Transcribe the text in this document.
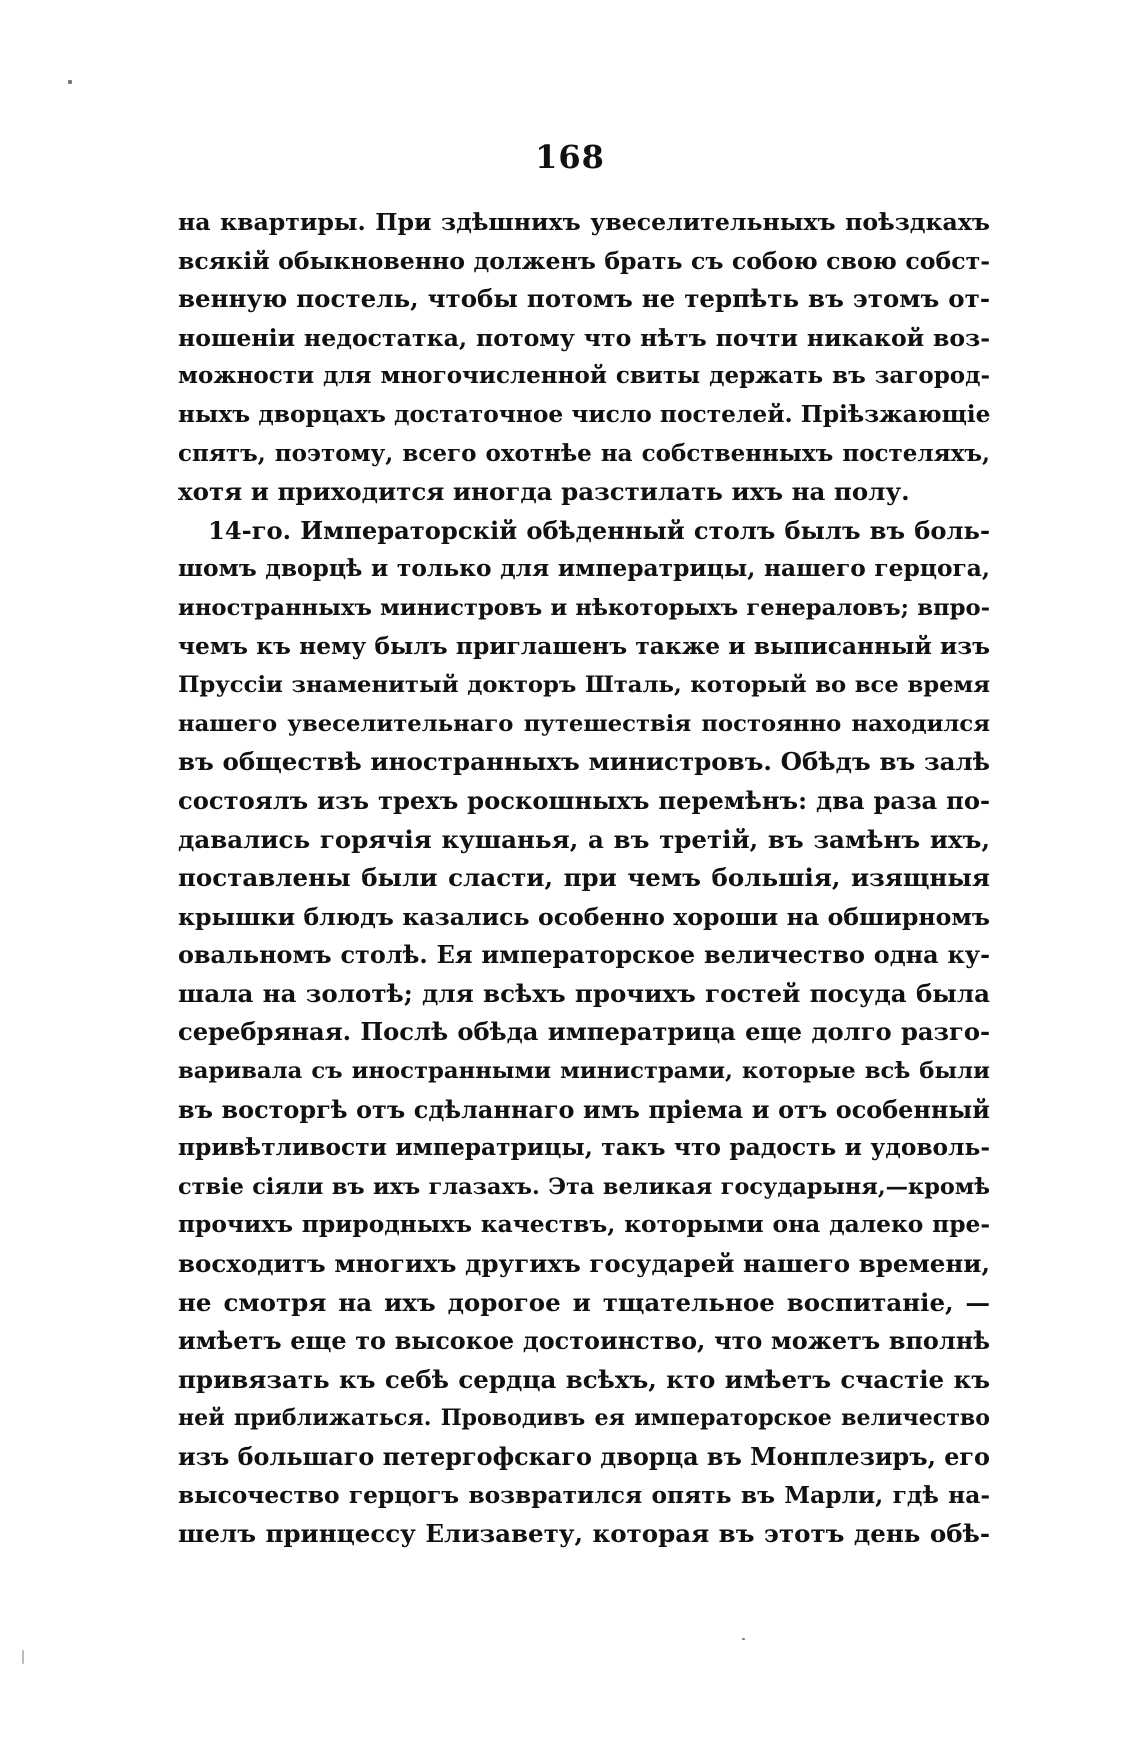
168
на квартиры. При здѣшнихъ увеселительныхъ поѣздкахъ
всякій обыкновенно долженъ брать съ собою свою собст-
венную постель, чтобы потомъ не терпѣть въ этомъ от-
ношеніи недостатка, потому что нѣтъ почти никакой воз-
можности для многочисленной свиты держать въ загород-
ныхъ дворцахъ достаточное число постелей. Пріѣзжающіе
спятъ, поэтому, всего охотнѣе на собственныхъ постеляхъ,
хотя и приходится иногда разстилать ихъ на полу.
14-го. Императорскій обѣденный столъ былъ въ боль-
шомъ дворцѣ и только для императрицы, нашего герцога,
иностранныхъ министровъ и нѣкоторыхъ генераловъ; впро-
чемъ къ нему былъ приглашенъ также и выписанный изъ
Пруссіи знаменитый докторъ Шталь, который во все время
нашего увеселительнаго путешествія постоянно находился
въ обществѣ иностранныхъ министровъ. Обѣдъ въ залѣ
состоялъ изъ трехъ роскошныхъ перемѣнъ: два раза по-
давались горячія кушанья, а въ третій, въ замѣнъ ихъ,
поставлены были сласти, при чемъ большія, изящныя
крышки блюдъ казались особенно хороши на обширномъ
овальномъ столѣ. Ея императорское величество одна ку-
шала на золотѣ; для всѣхъ прочихъ гостей посуда была
серебряная. Послѣ обѣда императрица еще долго разго-
варивала съ иностранными министрами, которые всѣ были
въ восторгѣ отъ сдѣланнаго имъ пріема и отъ особенный
привѣтливости императрицы, такъ что радость и удоволь-
ствіе сіяли въ ихъ глазахъ. Эта великая государыня,—кромѣ
прочихъ природныхъ качествъ, которыми она далеко пре-
восходитъ многихъ другихъ государей нашего времени,
не смотря на ихъ дорогое и тщательное воспитаніе, —
имѣетъ еще то высокое достоинство, что можетъ вполнѣ
привязать къ себѣ сердца всѣхъ, кто имѣетъ счастіе къ
ней приближаться. Проводивъ ея императорское величество
изъ большаго петергофскаго дворца въ Монплезиръ, его
высочество герцогъ возвратился опять въ Марли, гдѣ на-
шелъ принцессу Елизавету, которая въ этотъ день обѣ-
